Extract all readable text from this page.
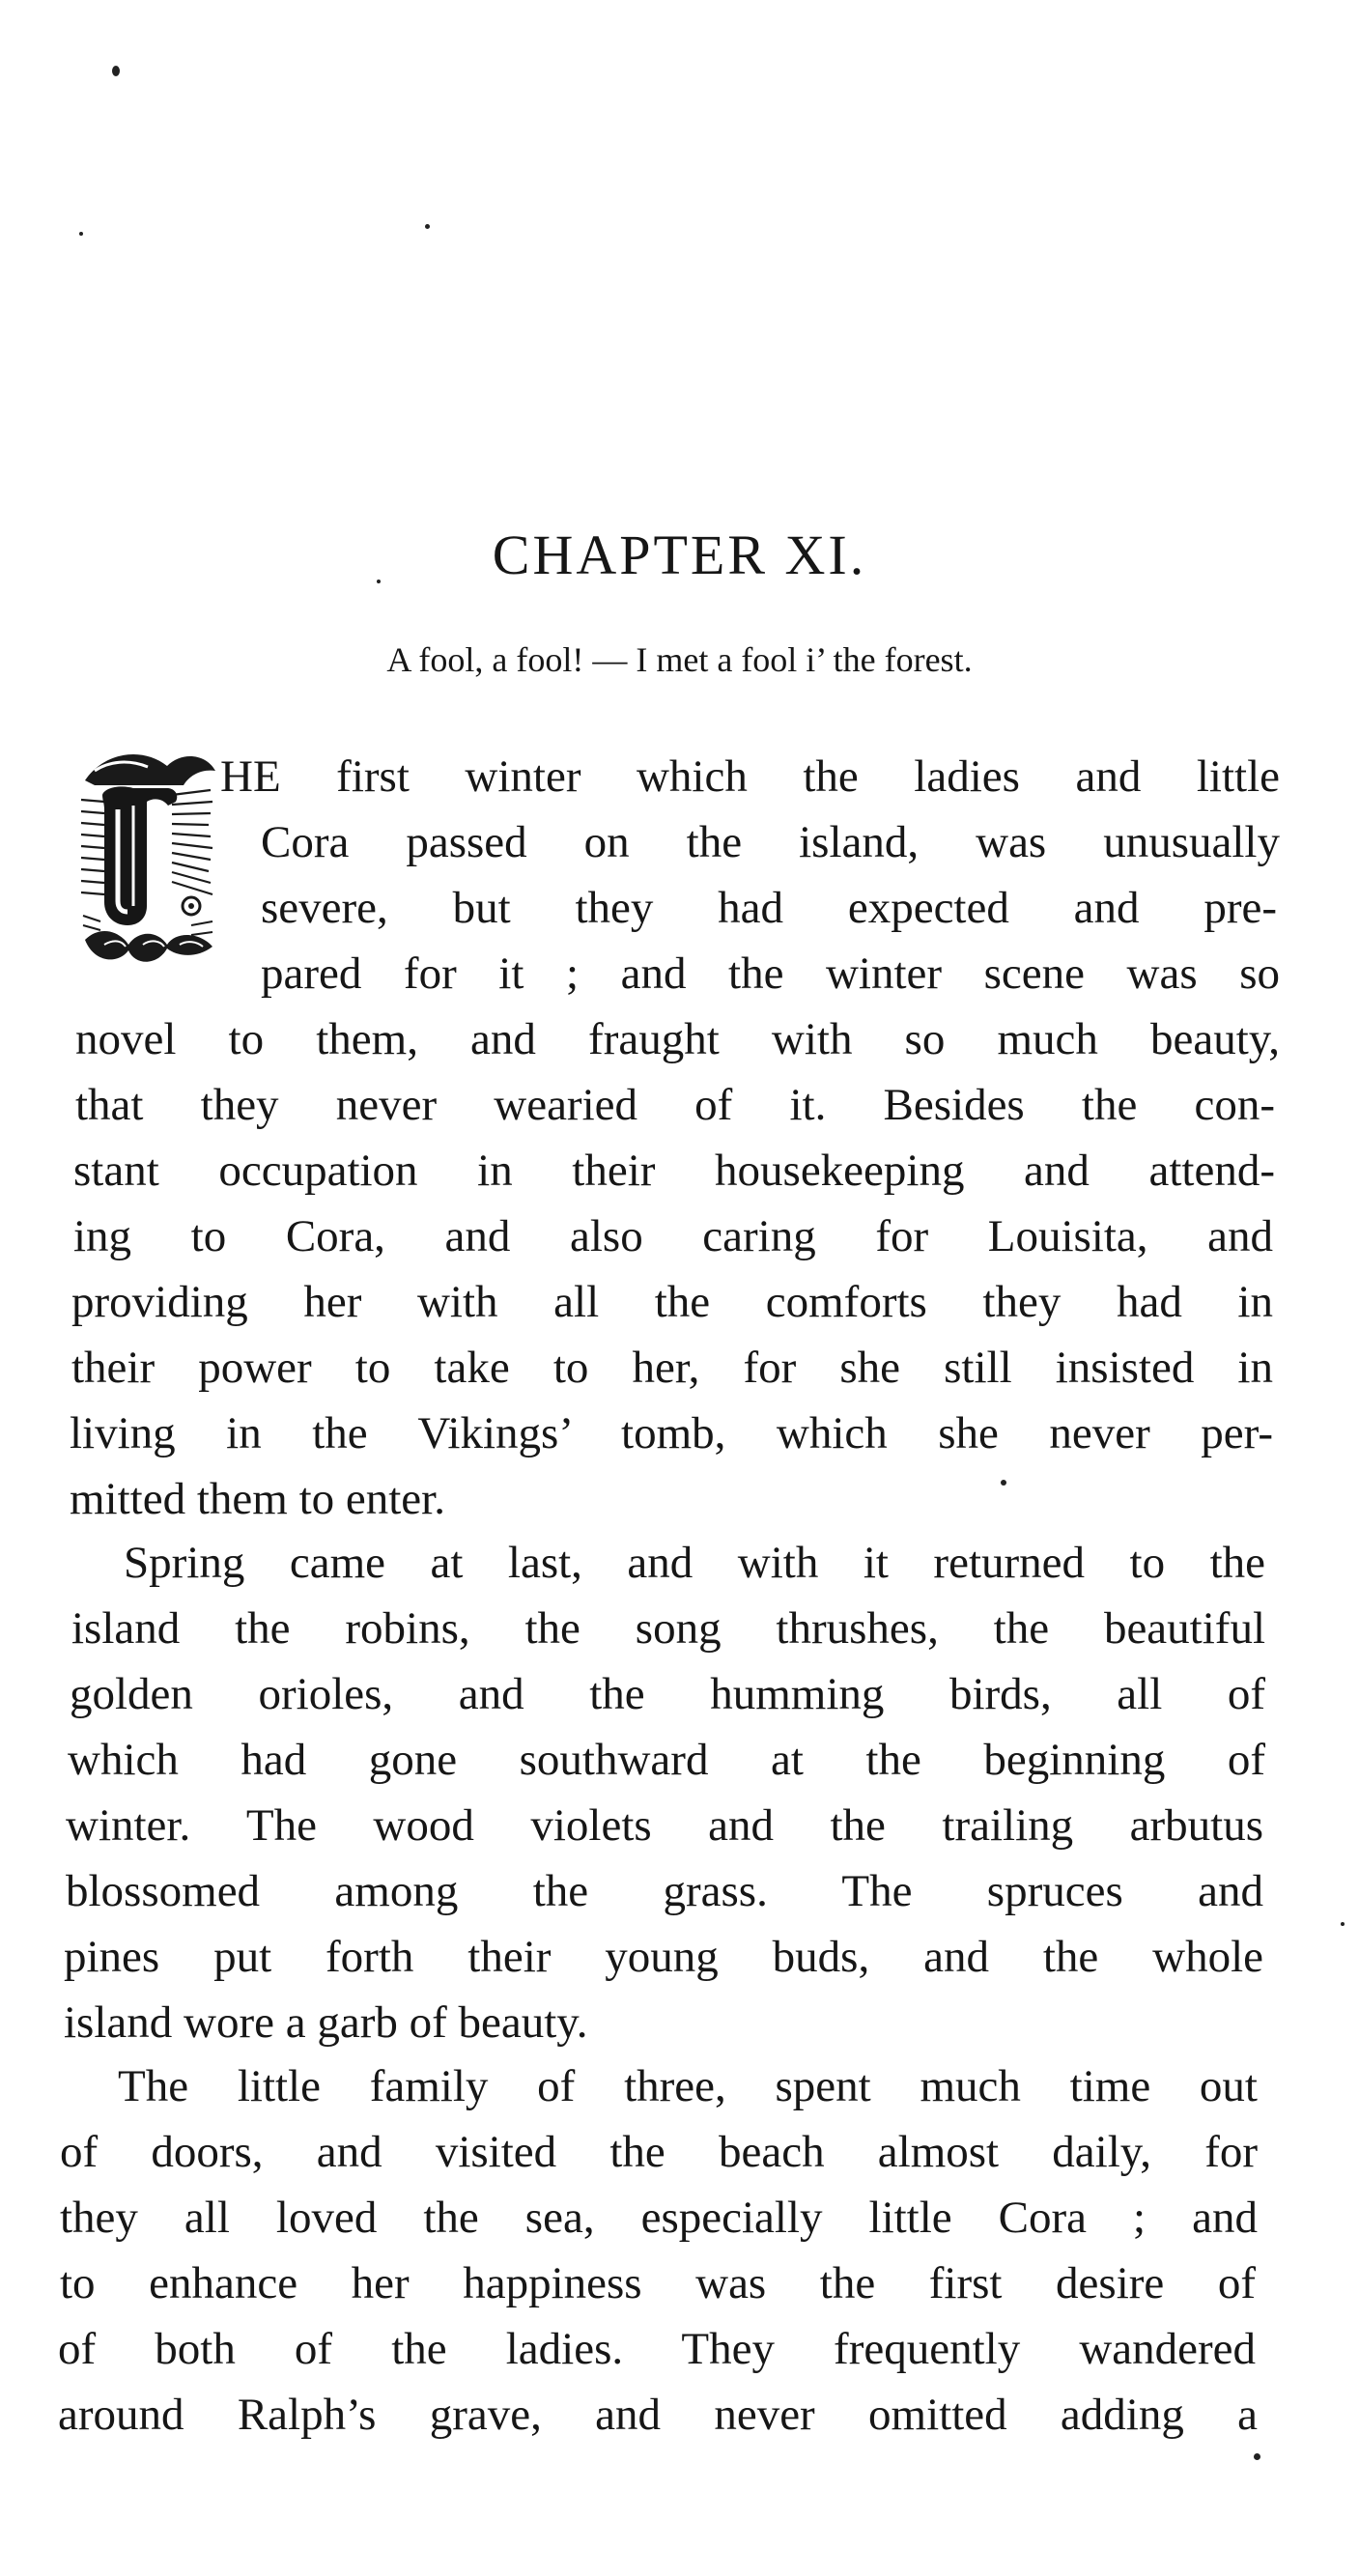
CHAPTER XI.

A fool, a fool! — I met a fool i’ the forest.

HE first winter which the ladies and little
Cora passed on the island, was unusually
severe, but they had expected and pre-
pared for it ; and the winter scene was so
novel to them, and fraught with so much beauty,
that they never wearied of it. Besides the con-
stant occupation in their housekeeping and attend-
ing to Cora, and also caring for Louisita, and
providing her with all the comforts they had in
their power to take to her, for she still insisted in
living in the Vikings’ tomb, which she never per-
mitted them to enter.
Spring came at last, and with it returned to the
island the robins, the song thrushes, the beautiful
golden orioles, and the humming birds, all of
which had gone southward at the beginning of
winter. The wood violets and the trailing arbutus
blossomed among the grass. The spruces and
pines put forth their young buds, and the whole
island wore a garb of beauty.
The little family of three, spent much time out
of doors, and visited the beach almost daily, for
they all loved the sea, especially little Cora ; and
to enhance her happiness was the first desire of
of both of the ladies. They frequently wandered
around Ralph’s grave, and never omitted adding a
